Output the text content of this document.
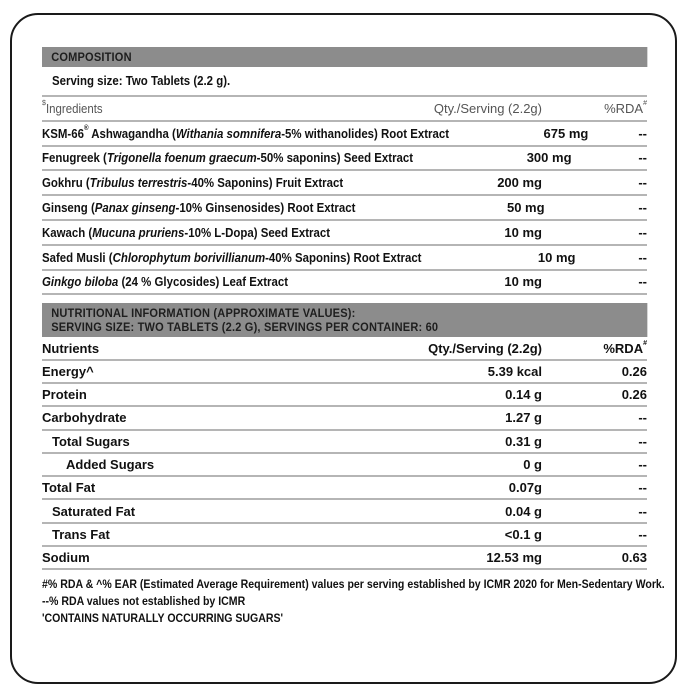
COMPOSITION
Serving size: Two Tablets (2.2 g).
$Ingredients	Qty./Serving (2.2g)	%RDA#
KSM-66® Ashwagandha (Withania somnifera-5% withanolides) Root Extract	675 mg	--
Fenugreek (Trigonella foenum graecum-50% saponins) Seed Extract	300 mg	--
Gokhru (Tribulus terrestris-40% Saponins) Fruit Extract	200 mg	--
Ginseng (Panax ginseng-10% Ginsenosides) Root Extract	50 mg	--
Kawach (Mucuna pruriens-10% L-Dopa) Seed Extract	10 mg	--
Safed Musli (Chlorophytum borivillianum-40% Saponins) Root Extract	10 mg	--
Ginkgo biloba (24 % Glycosides) Leaf Extract	10 mg	--
NUTRITIONAL INFORMATION (APPROXIMATE VALUES):
SERVING SIZE: TWO TABLETS (2.2 G), SERVINGS PER CONTAINER: 60
Nutrients	Qty./Serving (2.2g)	%RDA#
Energy^	5.39 kcal	0.26
Protein	0.14 g	0.26
Carbohydrate	1.27 g	--
Total Sugars	0.31 g	--
Added Sugars	0 g	--
Total Fat	0.07g	--
Saturated Fat	0.04 g	--
Trans Fat	<0.1 g	--
Sodium	12.53 mg	0.63
#% RDA & ^% EAR (Estimated Average Requirement) values per serving established by ICMR 2020 for Men-Sedentary Work.
--% RDA values not established by ICMR
'CONTAINS NATURALLY OCCURRING SUGARS'
